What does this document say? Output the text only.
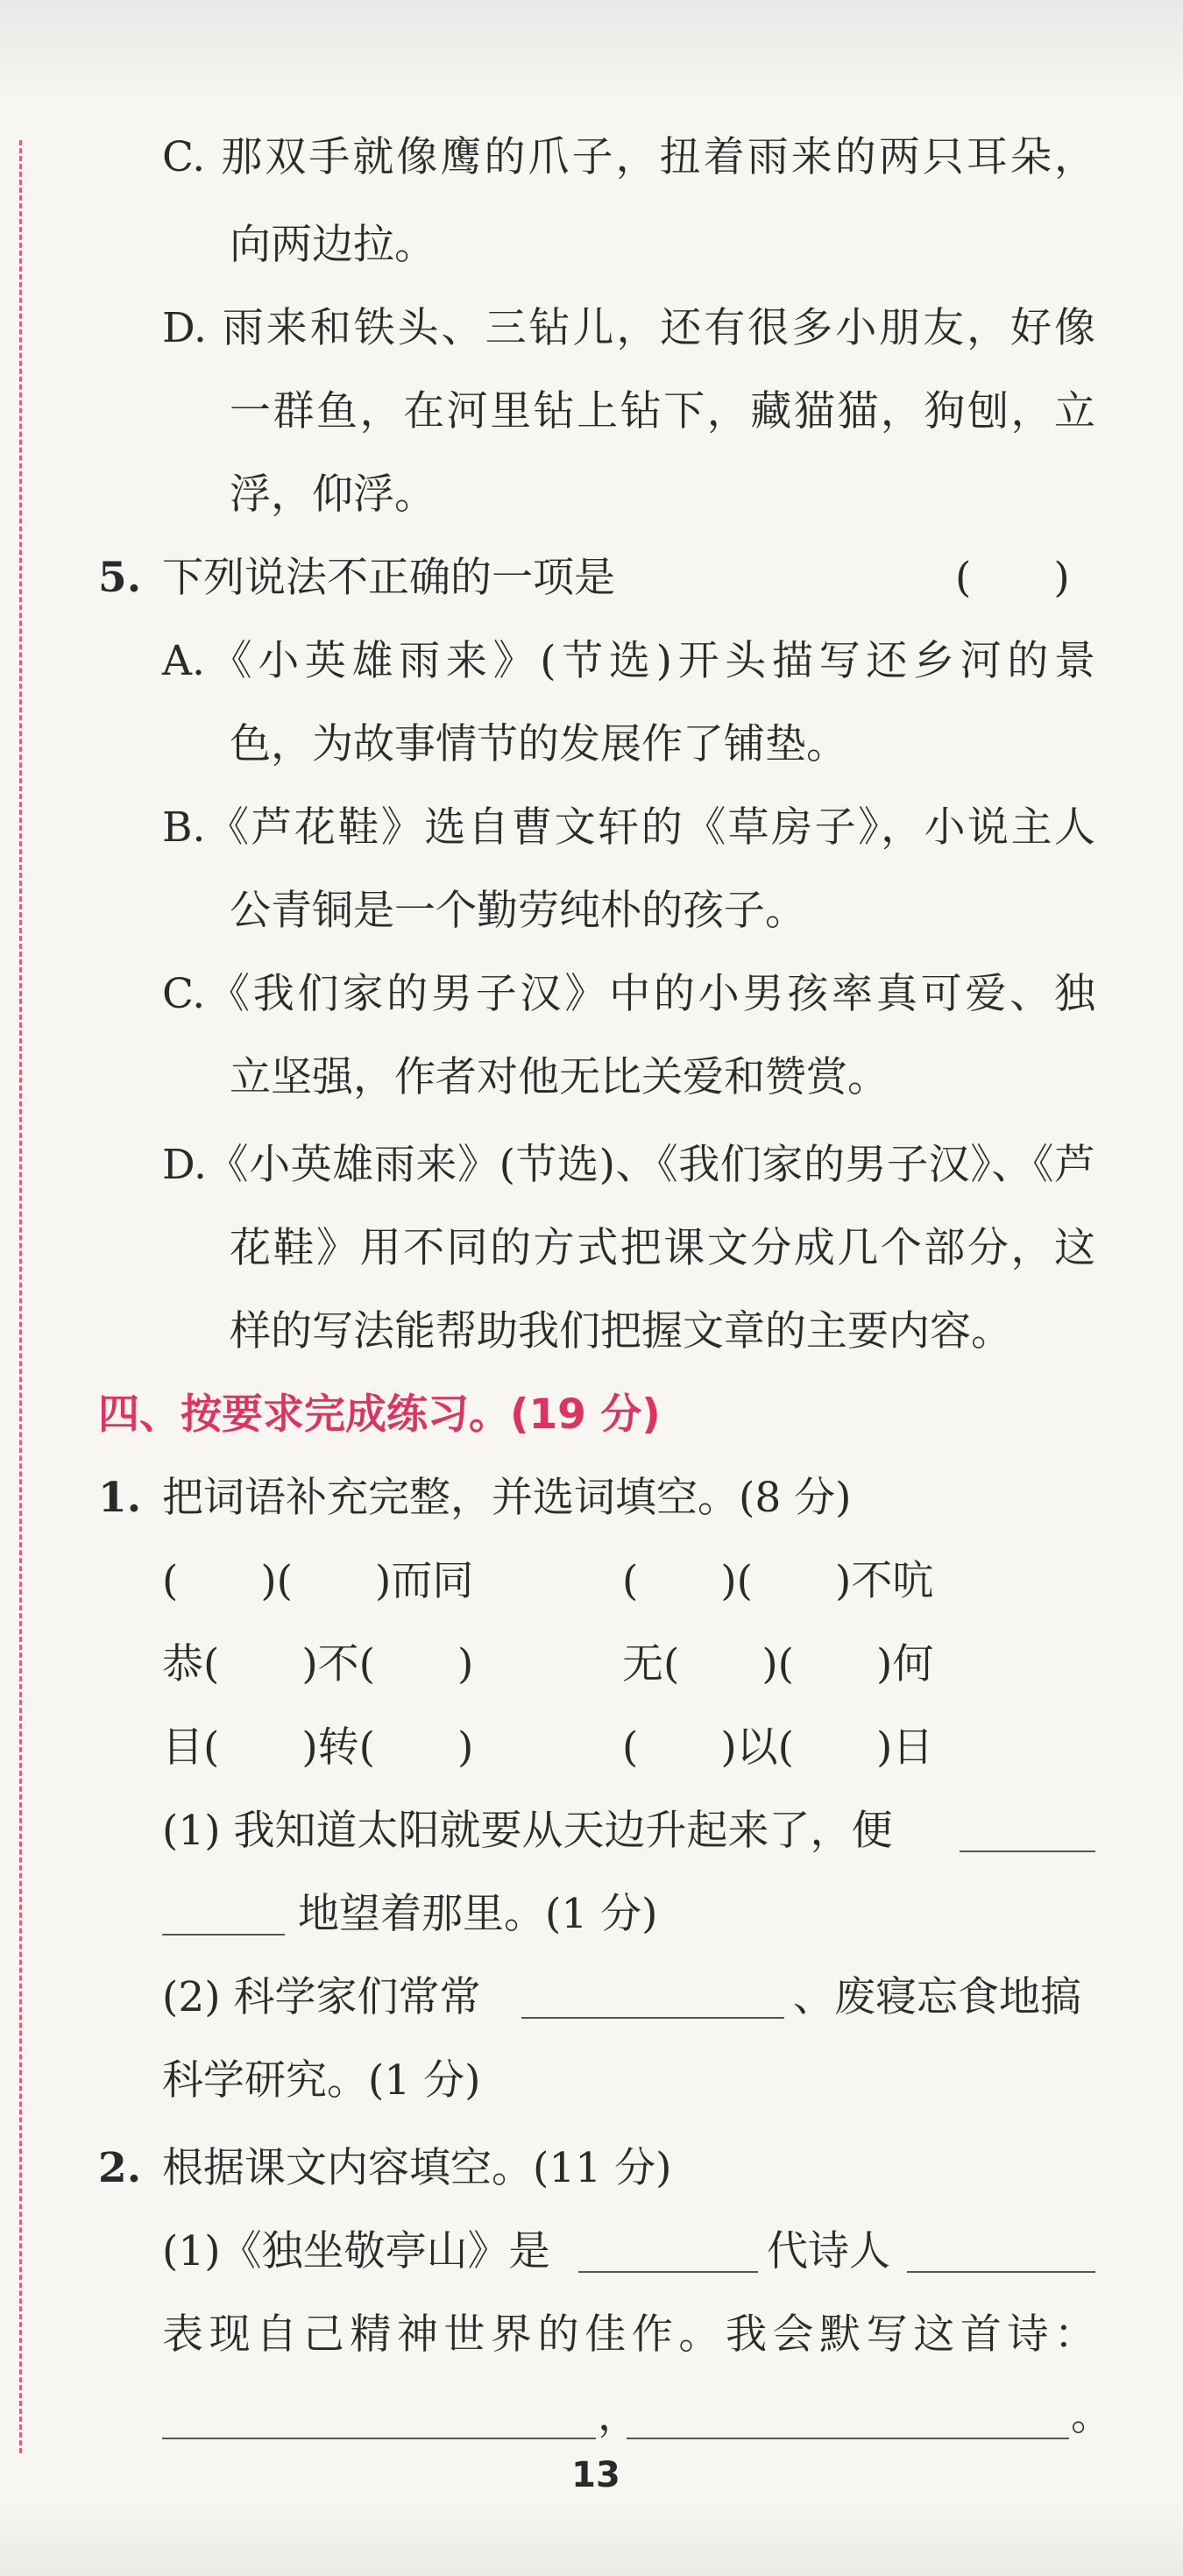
C. 那双手就像鹰的爪子，扭着雨来的两只耳朵，
向两边拉。
D. 雨来和铁头、三钻儿，还有很多小朋友，好像
一群鱼，在河里钻上钻下，藏猫猫，狗刨，立
浮，仰浮。
5. 下列说法不正确的一项是	(　　)
A.《小英雄雨来》(节选)开头描写还乡河的景
色，为故事情节的发展作了铺垫。
B.《芦花鞋》选自曹文轩的《草房子》，小说主人
公青铜是一个勤劳纯朴的孩子。
C.《我们家的男子汉》中的小男孩率真可爱、独
立坚强，作者对他无比关爱和赞赏。
D.《小英雄雨来》(节选)、《我们家的男子汉》、《芦
花鞋》用不同的方式把课文分成几个部分，这
样的写法能帮助我们把握文章的主要内容。
四、按要求完成练习。(19 分)
1. 把词语补充完整，并选词填空。(8 分)
(　　)(　　)而同	(　　)(　　)不吭
恭(　　)不(　　)	无(　　)(　　)何
目(　　)转(　　)	(　　)以(　　)日
(1) 我知道太阳就要从天边升起来了，便
地望着那里。(1 分)
(2) 科学家们常常	、废寝忘食地搞
科学研究。(1 分)
2. 根据课文内容填空。(11 分)
(1)《独坐敬亭山》是	代诗人
表现自己精神世界的佳作。我会默写这首诗：
，	。
13
